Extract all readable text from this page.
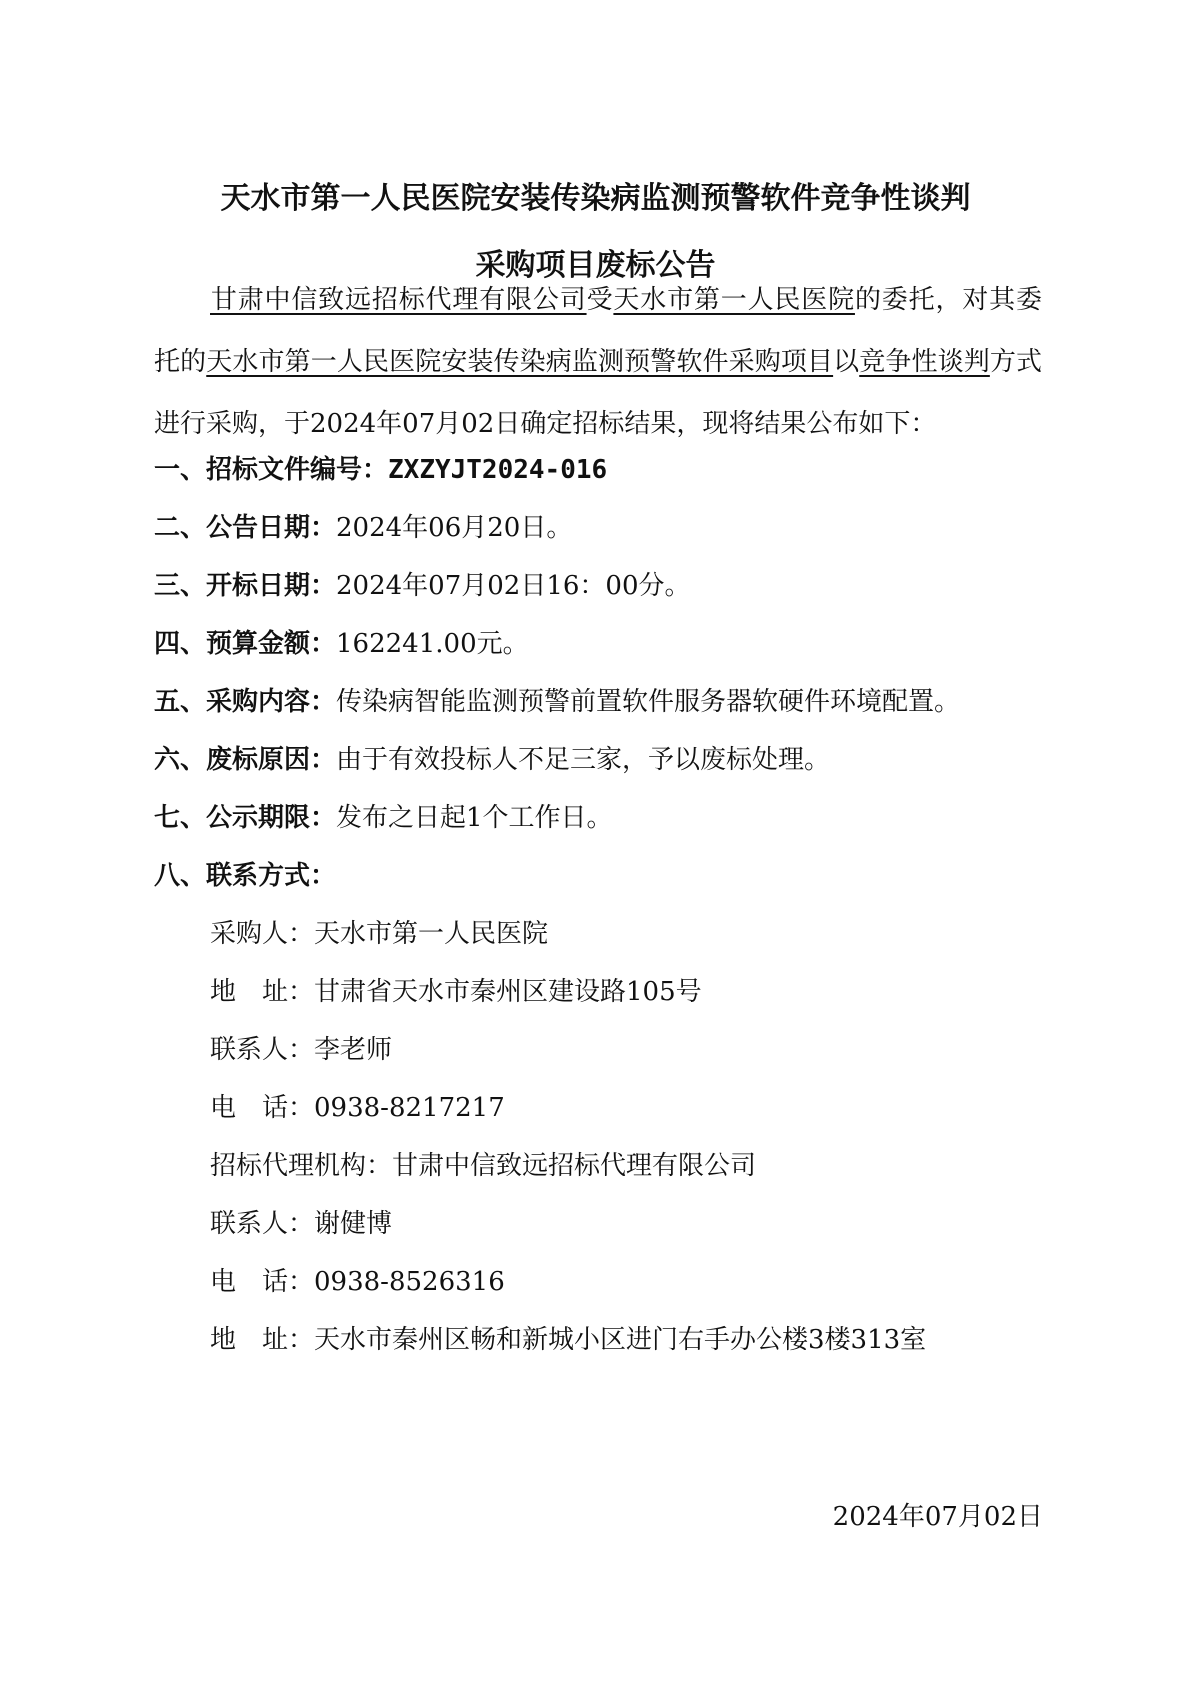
天水市第一人民医院安装传染病监测预警软件竞争性谈判
采购项目废标公告

甘肃中信致远招标代理有限公司受天水市第一人民医院的委托，对其委托的天水市第一人民医院安装传染病监测预警软件采购项目以竞争性谈判方式进行采购，于2024年07月02日确定招标结果，现将结果公布如下：

一、招标文件编号：ZXZYJT2024-016

二、公告日期：2024年06月20日。

三、开标日期：2024年07月02日16：00分。

四、预算金额：162241.00元。

五、采购内容：传染病智能监测预警前置软件服务器软硬件环境配置。

六、废标原因：由于有效投标人不足三家，予以废标处理。

七、公示期限：发布之日起1个工作日。

八、联系方式：

采购人：天水市第一人民医院

地　址：甘肃省天水市秦州区建设路105号

联系人：李老师

电　话：0938-8217217

招标代理机构：甘肃中信致远招标代理有限公司

联系人：谢健博

电　话：0938-8526316

地　址：天水市秦州区畅和新城小区进门右手办公楼3楼313室

2024年07月02日
